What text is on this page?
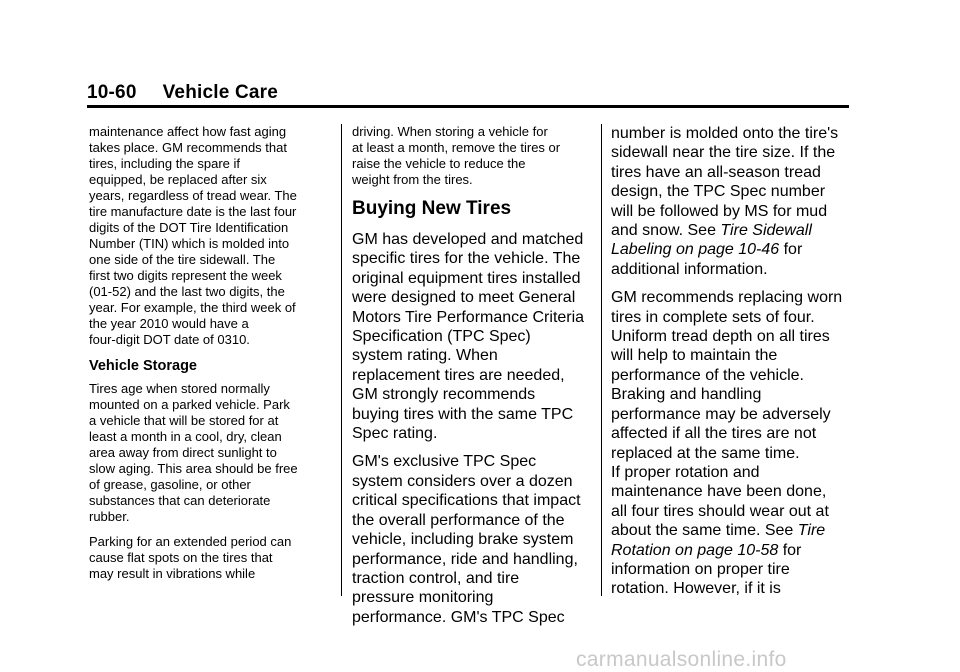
10-60 Vehicle Care

maintenance affect how fast aging
takes place. GM recommends that
tires, including the spare if
equipped, be replaced after six
years, regardless of tread wear. The
tire manufacture date is the last four
digits of the DOT Tire Identification
Number (TIN) which is molded into
one side of the tire sidewall. The
first two digits represent the week
(01-52) and the last two digits, the
year. For example, the third week of
the year 2010 would have a
four-digit DOT date of 0310.

Vehicle Storage

Tires age when stored normally
mounted on a parked vehicle. Park
a vehicle that will be stored for at
least a month in a cool, dry, clean
area away from direct sunlight to
slow aging. This area should be free
of grease, gasoline, or other
substances that can deteriorate
rubber.

Parking for an extended period can
cause flat spots on the tires that
may result in vibrations while

driving. When storing a vehicle for
at least a month, remove the tires or
raise the vehicle to reduce the
weight from the tires.

Buying New Tires

GM has developed and matched
specific tires for the vehicle. The
original equipment tires installed
were designed to meet General
Motors Tire Performance Criteria
Specification (TPC Spec)
system rating. When
replacement tires are needed,
GM strongly recommends
buying tires with the same TPC
Spec rating.

GM's exclusive TPC Spec
system considers over a dozen
critical specifications that impact
the overall performance of the
vehicle, including brake system
performance, ride and handling,
traction control, and tire
pressure monitoring
performance. GM's TPC Spec

number is molded onto the tire's
sidewall near the tire size. If the
tires have an all-season tread
design, the TPC Spec number
will be followed by MS for mud
and snow. See Tire Sidewall
Labeling on page 10-46 for
additional information.

GM recommends replacing worn
tires in complete sets of four.
Uniform tread depth on all tires
will help to maintain the
performance of the vehicle.
Braking and handling
performance may be adversely
affected if all the tires are not
replaced at the same time.
If proper rotation and
maintenance have been done,
all four tires should wear out at
about the same time. See Tire
Rotation on page 10-58 for
information on proper tire
rotation. However, if it is

carmanualsonline.info
